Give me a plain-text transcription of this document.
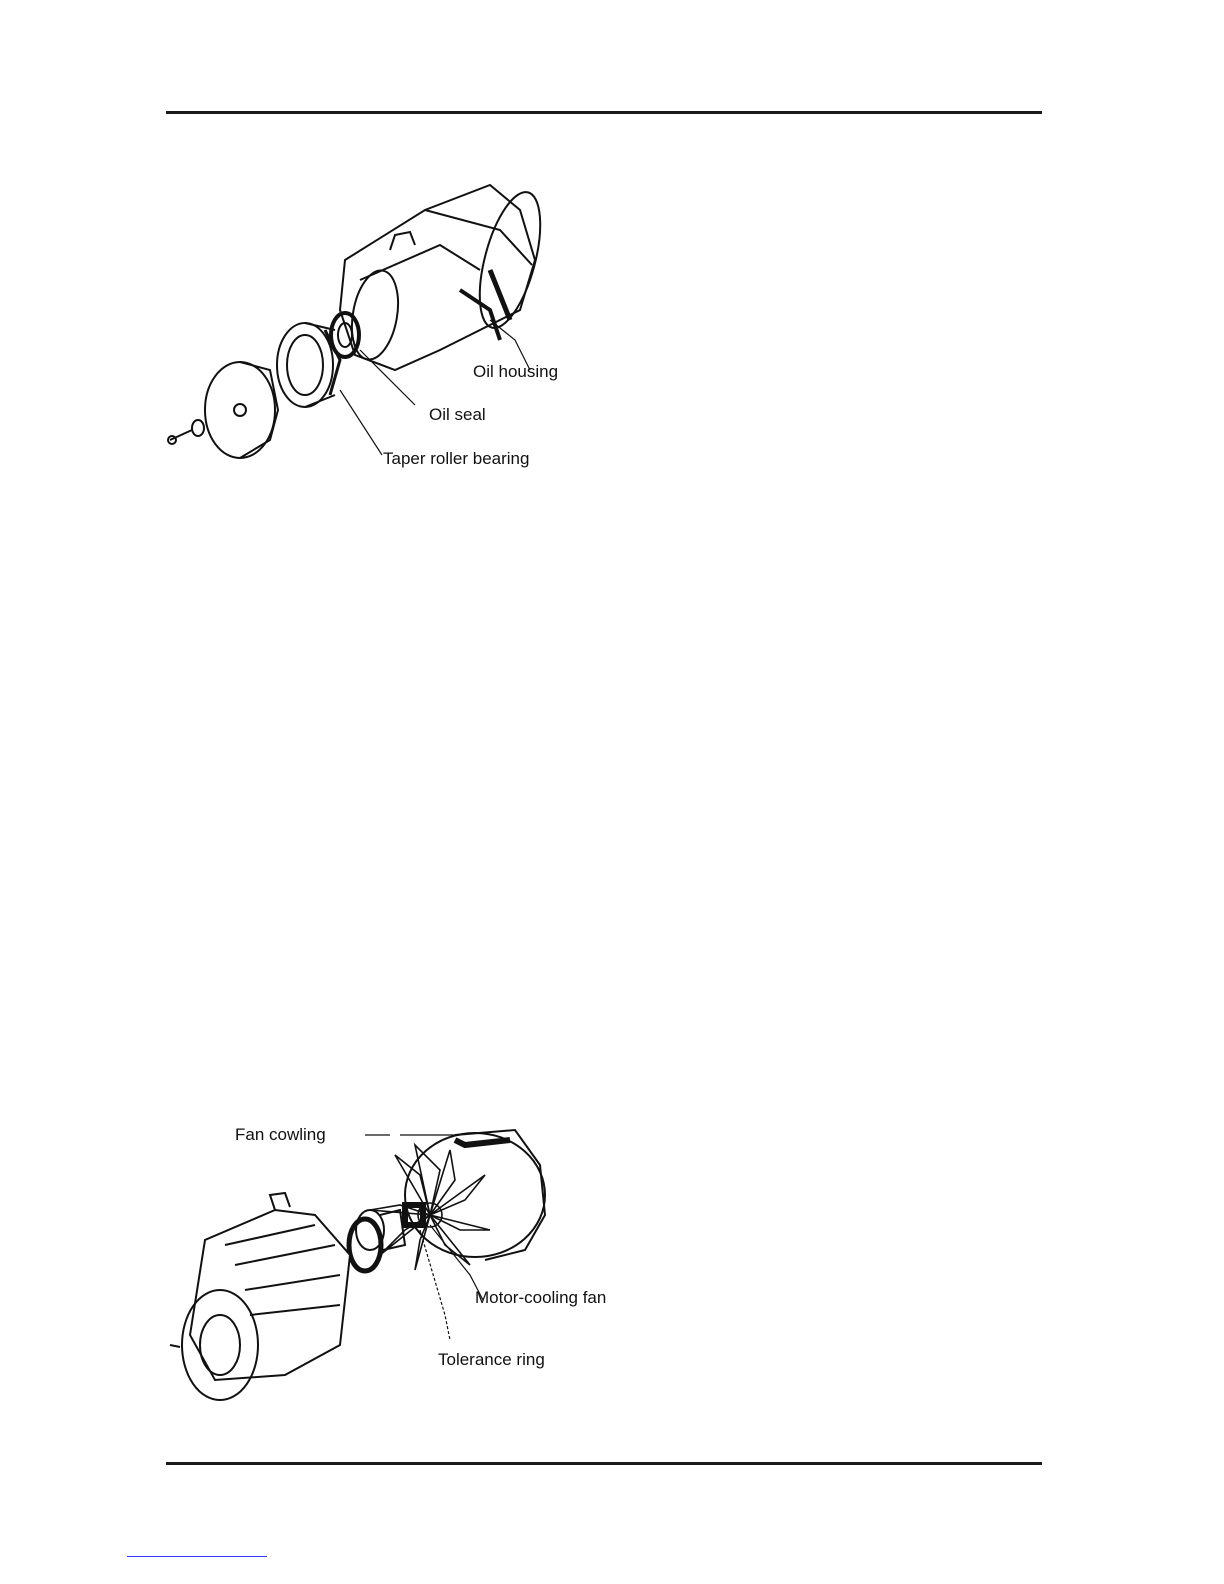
Oil housing
Oil seal
Taper roller bearing
Fan cowling
Motor-cooling fan
Tolerance ring
